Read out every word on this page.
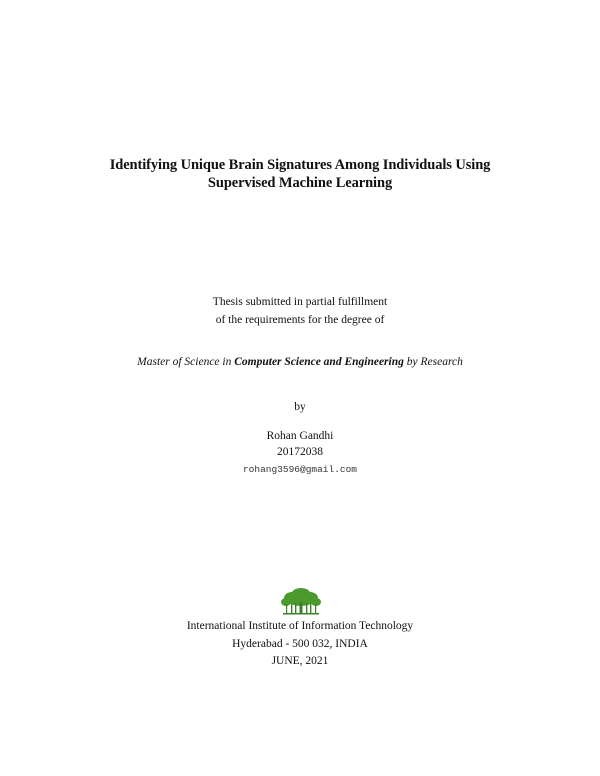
Identifying Unique Brain Signatures Among Individuals Using
Supervised Machine Learning
Thesis submitted in partial fulfillment
of the requirements for the degree of
Master of Science in Computer Science and Engineering by Research
by
Rohan Gandhi
20172038
rohang3596@gmail.com
International Institute of Information Technology
Hyderabad - 500 032, INDIA
JUNE, 2021
